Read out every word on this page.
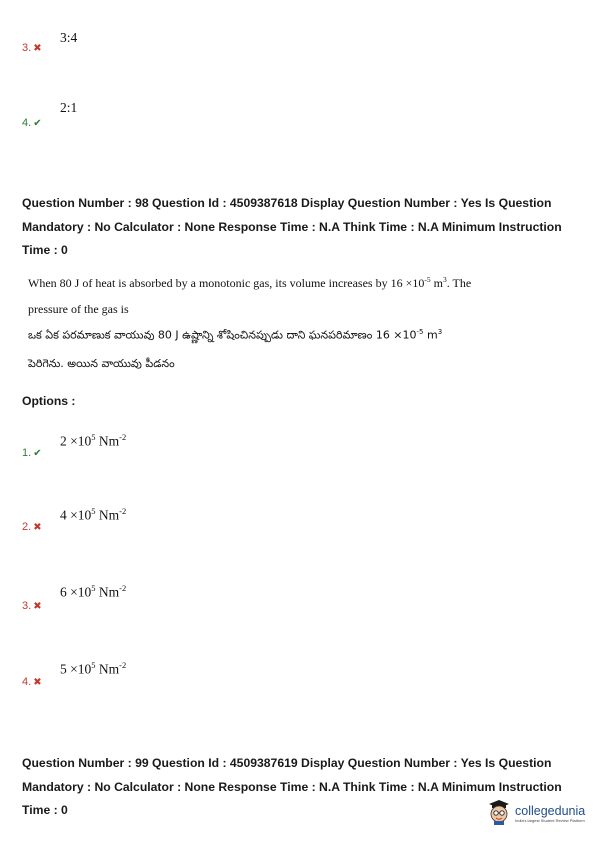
3:4
3. ✖
2:1
4. ✔
Question Number : 98 Question Id : 4509387618 Display Question Number : Yes Is Question
Mandatory : No Calculator : None Response Time : N.A Think Time : N.A Minimum Instruction
Time : 0
When 80 J of heat is absorbed by a monotonic gas, its volume increases by $16 \times 10^{-5}$ $m^3$. The
pressure of the gas is
ఒక ఏక పరమాణుక వాయువు 80 J ఉష్ణాన్ని శోషించినప్పుడు దాని ఘనపరిమాణం $16 \times 10^{-5}$ $m^3$
పెరిగెను. అయిన వాయువు పీడనం
Options :
$2 \times 10^5$ $Nm^{-2}$
1. ✔
$4 \times 10^5$ $Nm^{-2}$
2. ✖
$6 \times 10^5$ $Nm^{-2}$
3. ✖
$5 \times 10^5$ $Nm^{-2}$
4. ✖
Question Number : 99 Question Id : 4509387619 Display Question Number : Yes Is Question
Mandatory : No Calculator : None Response Time : N.A Think Time : N.A Minimum Instruction
Time : 0	collegedunia
India's largest Student Review Platform
